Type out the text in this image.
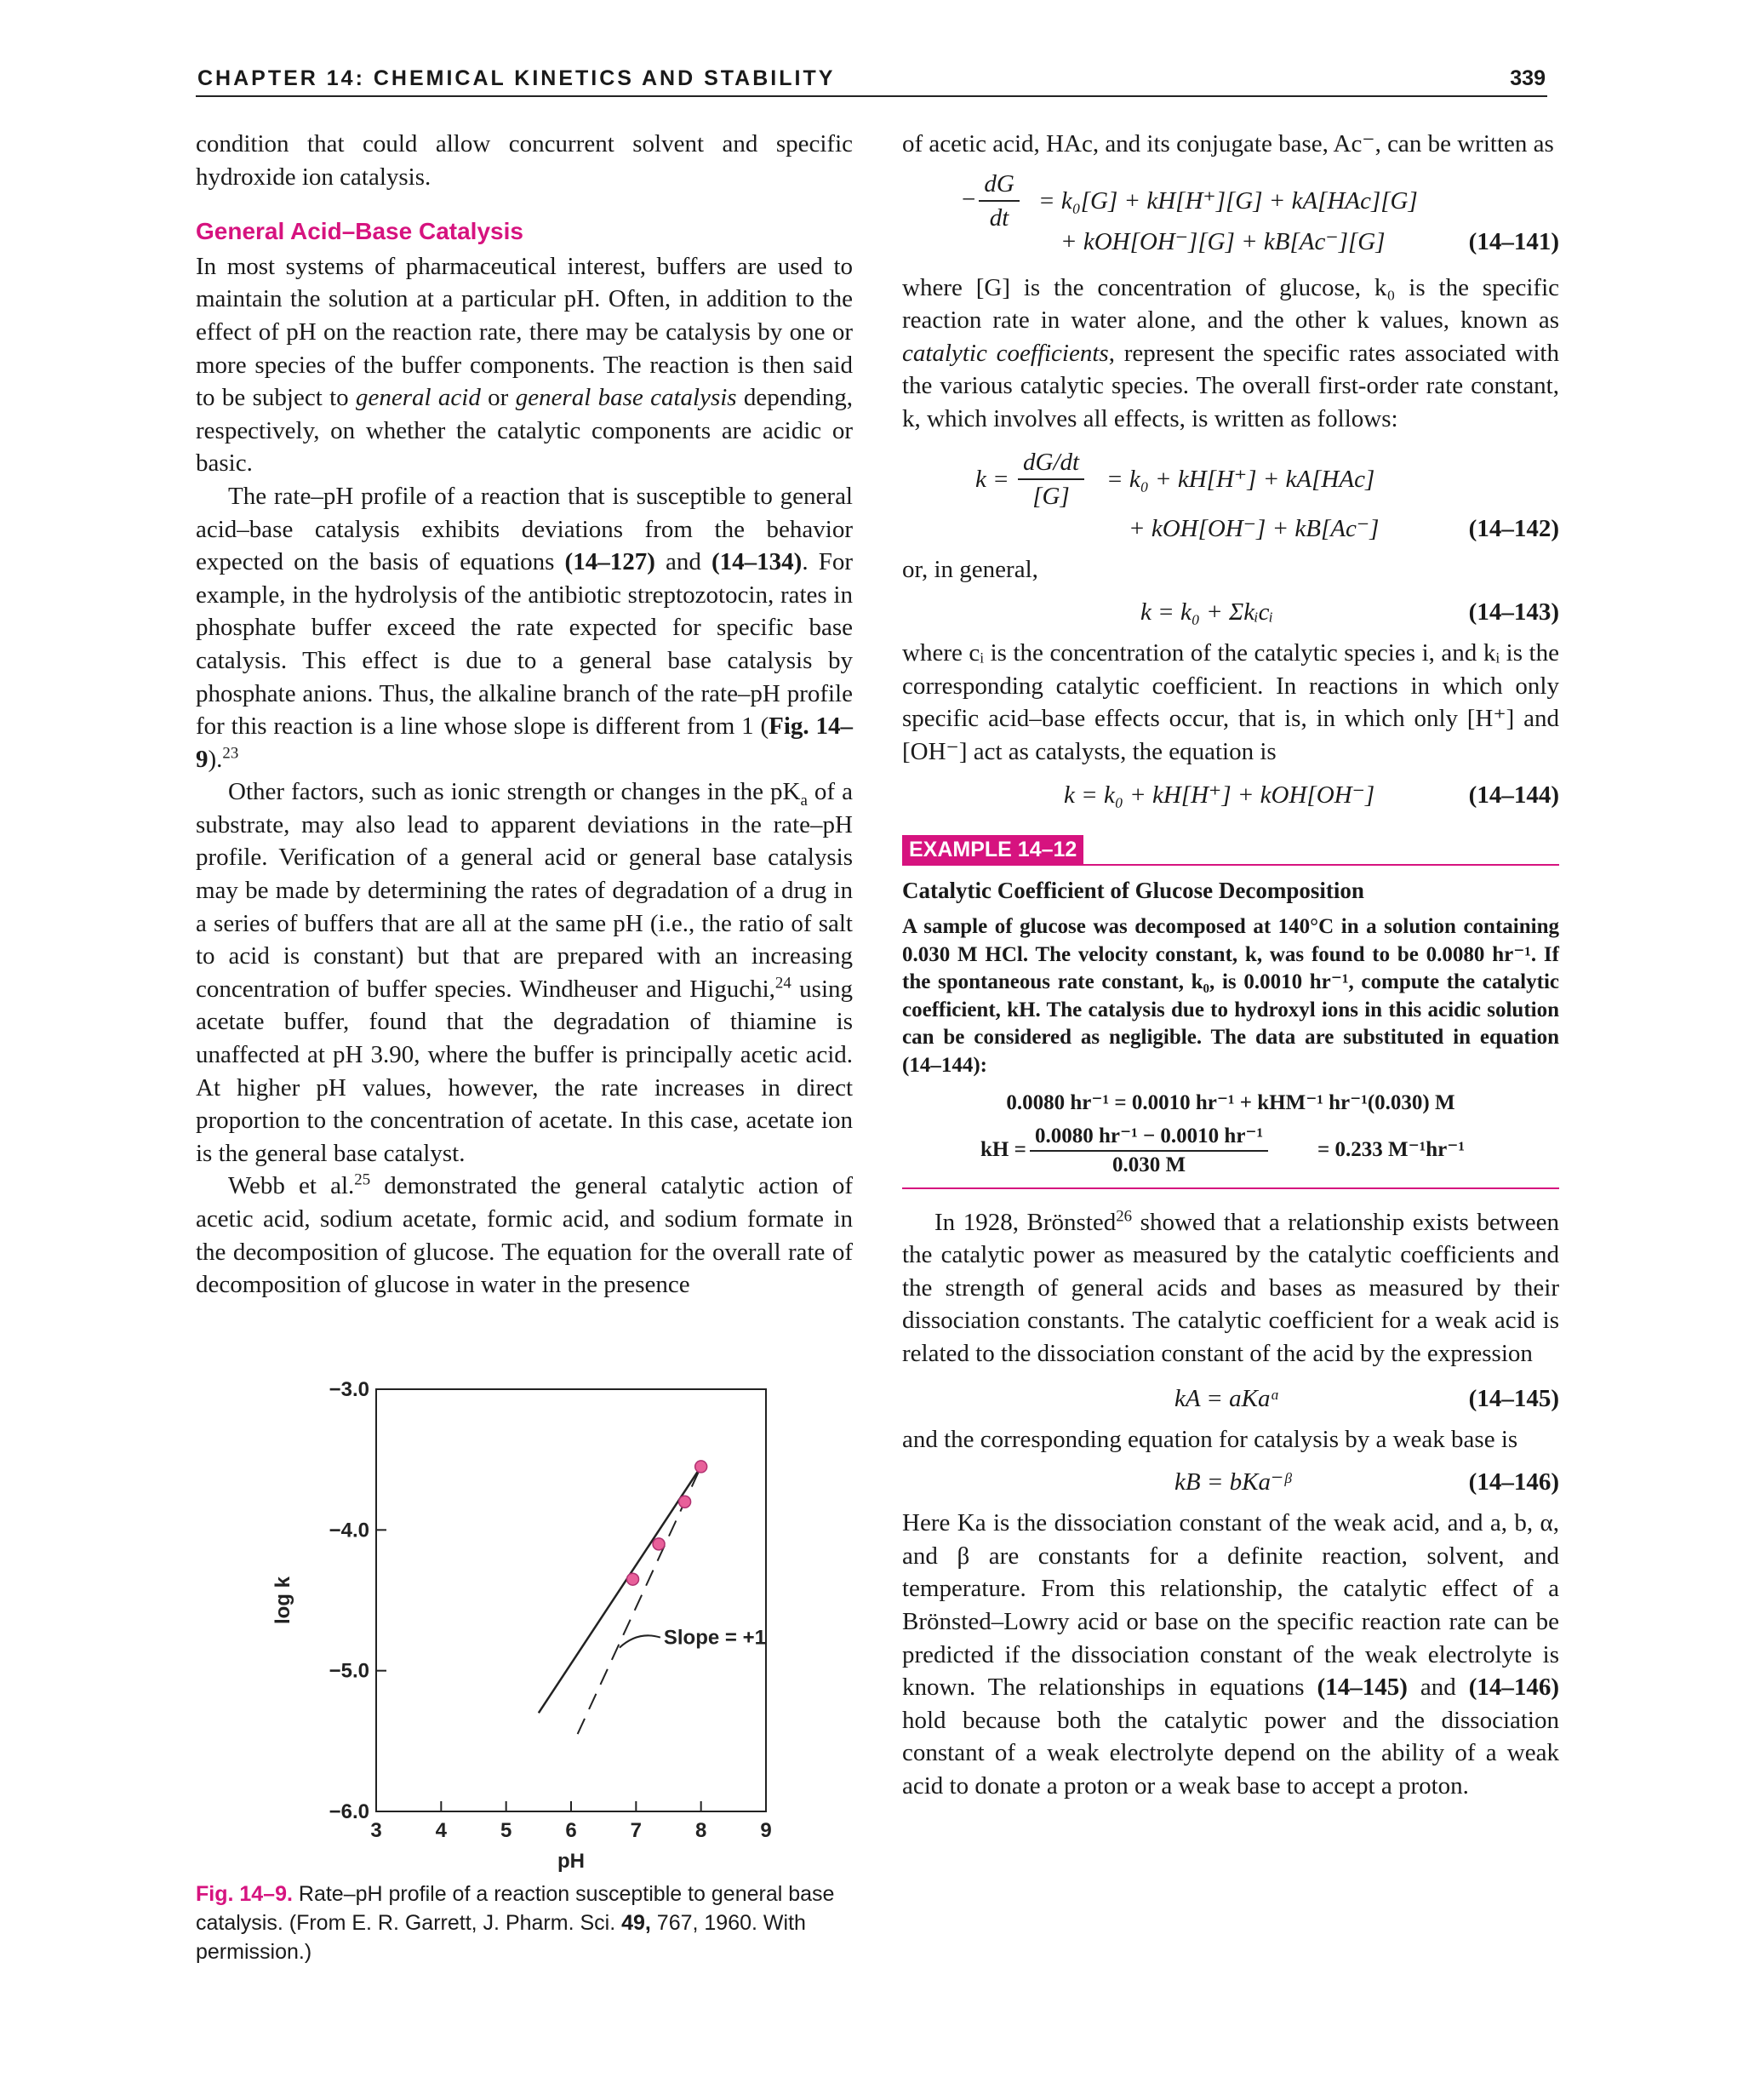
CHAPTER 14: CHEMICAL KINETICS AND STABILITY	339

condition that could allow concurrent solvent and specific hydroxide ion catalysis.

General Acid–Base Catalysis

In most systems of pharmaceutical interest, buffers are used to maintain the solution at a particular pH. Often, in addition to the effect of pH on the reaction rate, there may be catalysis by one or more species of the buffer components. The reaction is then said to be subject to general acid or general base catalysis depending, respectively, on whether the catalytic components are acidic or basic.

The rate–pH profile of a reaction that is susceptible to general acid–base catalysis exhibits deviations from the behavior expected on the basis of equations (14–127) and (14–134). For example, in the hydrolysis of the antibiotic streptozotocin, rates in phosphate buffer exceed the rate expected for specific base catalysis. This effect is due to a general base catalysis by phosphate anions. Thus, the alkaline branch of the rate–pH profile for this reaction is a line whose slope is different from 1 (Fig. 14–9).$^{23}$

Other factors, such as ionic strength or changes in the $pK_a$ of a substrate, may also lead to apparent deviations in the rate–pH profile. Verification of a general acid or general base catalysis may be made by determining the rates of degradation of a drug in a series of buffers that are all at the same pH (i.e., the ratio of salt to acid is constant) but that are prepared with an increasing concentration of buffer species. Windheuser and Higuchi,$^{24}$ using acetate buffer, found that the degradation of thiamine is unaffected at pH 3.90, where the buffer is principally acetic acid. At higher pH values, however, the rate increases in direct proportion to the concentration of acetate. In this case, acetate ion is the general base catalyst.

Webb et al.$^{25}$ demonstrated the general catalytic action of acetic acid, sodium acetate, formic acid, and sodium formate in the decomposition of glucose. The equation for the overall rate of decomposition of glucose in water in the presence

3	4	5	6	7	8	9
−3.0
−4.0
−5.0
−6.0
pH
log k
Slope = +1
Fig. 14–9. Rate–pH profile of a reaction susceptible to general base catalysis. (From E. R. Garrett, J. Pharm. Sci. 49, 767, 1960. With permission.)

of acetic acid, HAc, and its conjugate base, Ac⁻, can be written as

− $\frac{dG}{dt} = k_0[G] + kH[H^+][G] + kA[HAc][G]$
+ kOH[OH⁻][G] + kB[Ac⁻][G]	(14–141)

where [G] is the concentration of glucose, k₀ is the specific reaction rate in water alone, and the other k values, known as catalytic coefficients, represent the specific rates associated with the various catalytic species. The overall first-order rate constant, k, which involves all effects, is written as follows:

$k = \frac{dG/dt}{[G]} = k_0 + kH[H^+] + kA[HAc]$
+ kOH[OH⁻] + kB[Ac⁻]	(14–142)

or, in general,

k = k₀ + Σkᵢcᵢ	(14–143)

where cᵢ is the concentration of the catalytic species i, and kᵢ is the corresponding catalytic coefficient. In reactions in which only specific acid–base effects occur, that is, in which only [H⁺] and [OH⁻] act as catalysts, the equation is

k = k₀ + kH[H⁺] + kOH[OH⁻]	(14–144)
EXAMPLE 14–12
Catalytic Coefficient of Glucose Decomposition
A sample of glucose was decomposed at 140°C in a solution containing 0.030 M HCl. The velocity constant, k, was found to be 0.0080 hr⁻¹. If the spontaneous rate constant, k₀, is 0.0010 hr⁻¹, compute the catalytic coefficient, kH. The catalysis due to hydroxyl ions in this acidic solution can be considered as negligible. The data are substituted in equation (14–144):
0.0080 hr⁻¹ = 0.0010 hr⁻¹ + kHM⁻¹ hr⁻¹(0.030) M
kH = $\frac{\text{0.0080 hr⁻¹ − 0.0010 hr⁻¹}}{0.030 M} = 0.233$ M⁻¹hr⁻¹

In 1928, Brönsted$^{26}$ showed that a relationship exists between the catalytic power as measured by the catalytic coefficients and the strength of general acids and bases as measured by their dissociation constants. The catalytic coefficient for a weak acid is related to the dissociation constant of the acid by the expression

kA = aKaᵅ	(14–145)

and the corresponding equation for catalysis by a weak base is

kB = bKa⁻ᵝ	(14–146)

Here Ka is the dissociation constant of the weak acid, and a, b, α, and β are constants for a definite reaction, solvent, and temperature. From this relationship, the catalytic effect of a Brönsted–Lowry acid or base on the specific reaction rate can be predicted if the dissociation constant of the weak electrolyte is known. The relationships in equations (14–145) and (14–146) hold because both the catalytic power and the dissociation constant of a weak electrolyte depend on the ability of a weak acid to donate a proton or a weak base to accept a proton.
